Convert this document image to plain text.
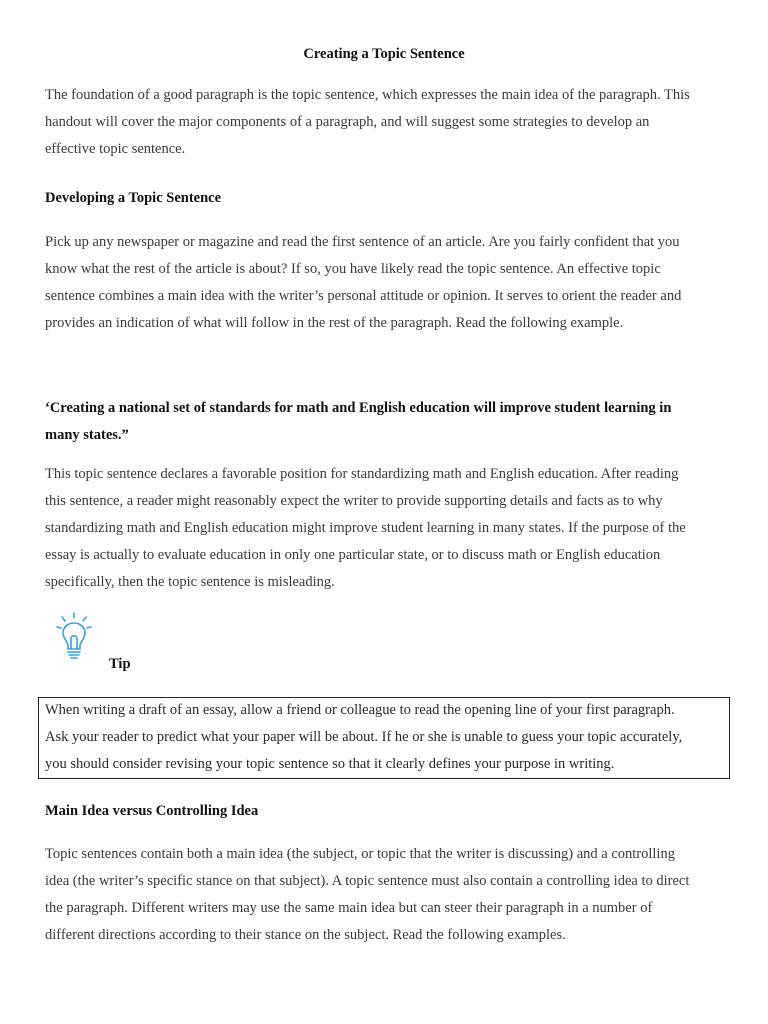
Creating a Topic Sentence
The foundation of a good paragraph is the topic sentence, which expresses the main idea of the paragraph. This
handout will cover the major components of a paragraph, and will suggest some strategies to develop an
effective topic sentence.
Developing a Topic Sentence
Pick up any newspaper or magazine and read the first sentence of an article. Are you fairly confident that you
know what the rest of the article is about? If so, you have likely read the topic sentence. An effective topic
sentence combines a main idea with the writer’s personal attitude or opinion. It serves to orient the reader and
provides an indication of what will follow in the rest of the paragraph. Read the following example.
‘Creating a national set of standards for math and English education will improve student learning in
many states.”
This topic sentence declares a favorable position for standardizing math and English education. After reading
this sentence, a reader might reasonably expect the writer to provide supporting details and facts as to why
standardizing math and English education might improve student learning in many states. If the purpose of the
essay is actually to evaluate education in only one particular state, or to discuss math or English education
specifically, then the topic sentence is misleading.
Tip
When writing a draft of an essay, allow a friend or colleague to read the opening line of your first paragraph.
Ask your reader to predict what your paper will be about. If he or she is unable to guess your topic accurately,
you should consider revising your topic sentence so that it clearly defines your purpose in writing.
Main Idea versus Controlling Idea
Topic sentences contain both a main idea (the subject, or topic that the writer is discussing) and a controlling
idea (the writer’s specific stance on that subject). A topic sentence must also contain a controlling idea to direct
the paragraph. Different writers may use the same main idea but can steer their paragraph in a number of
different directions according to their stance on the subject. Read the following examples.
